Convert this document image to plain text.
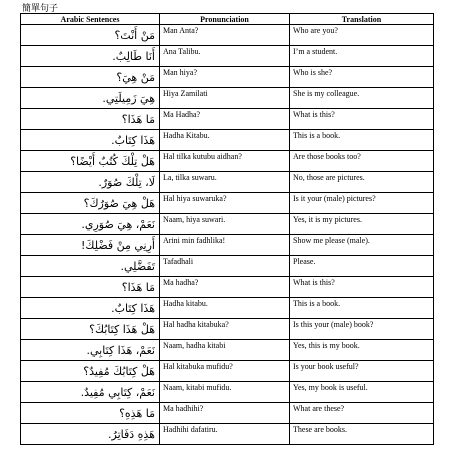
簡單句子
Arabic Sentences	Pronunciation	Translation
مَنْ أَنْتَ؟	Man Anta?	Who are you?
أَنَا طَالِبٌ.	Ana Talibu.	I’m a student.
مَنْ هِيَ؟	Man hiya?	Who is she?
هِيَ زَمِيلَتِي.	Hiya Zamilati	She is my colleague.
مَا هَذَا؟	Ma Hadha?	What is this?
هَذَا كِتَابٌ.	Hadha Kitabu.	This is a book.
هَلْ تِلْكَ كُتُبٌ أَيْضًا؟	Hal tilka kutubu aidhan?	Are those books too?
لَا، تِلْكَ صُوَرٌ.	La, tilka suwaru.	No, those are pictures.
هَلْ هِيَ صُوَرُكَ؟	Hal hiya suwaruka?	Is it your (male) pictures?
نَعَمْ، هِيَ صُوَرِي.	Naam, hiya suwari.	Yes, it is my pictures.
أَرِنِي مِنْ فَضْلِكَ!	Arini min fadhlika!	Show me please (male).
تَفَضَّلِي.	Tafadhali	Please.
مَا هَذَا؟	Ma hadha?	What is this?
هَذَا كِتَابٌ.	Hadha kitabu.	This is a book.
هَلْ هَذَا كِتَابُكَ؟	Hal hadha kitabuka?	Is this your (male) book?
نَعَمْ، هَذَا كِتَابِي.	Naam, hadha kitabi	Yes, this is my book.
هَلْ كِتَابُكَ مُفِيدٌ؟	Hal kitabuka mufidu?	Is your book useful?
نَعَمْ، كِتَابِي مُفِيدٌ.	Naam, kitabi mufidu.	Yes, my book is useful.
مَا هَذِهِ؟	Ma hadhihi?	What are these?
هَذِهِ دَفَاتِرُ.	Hadhihi dafatiru.	These are books.
